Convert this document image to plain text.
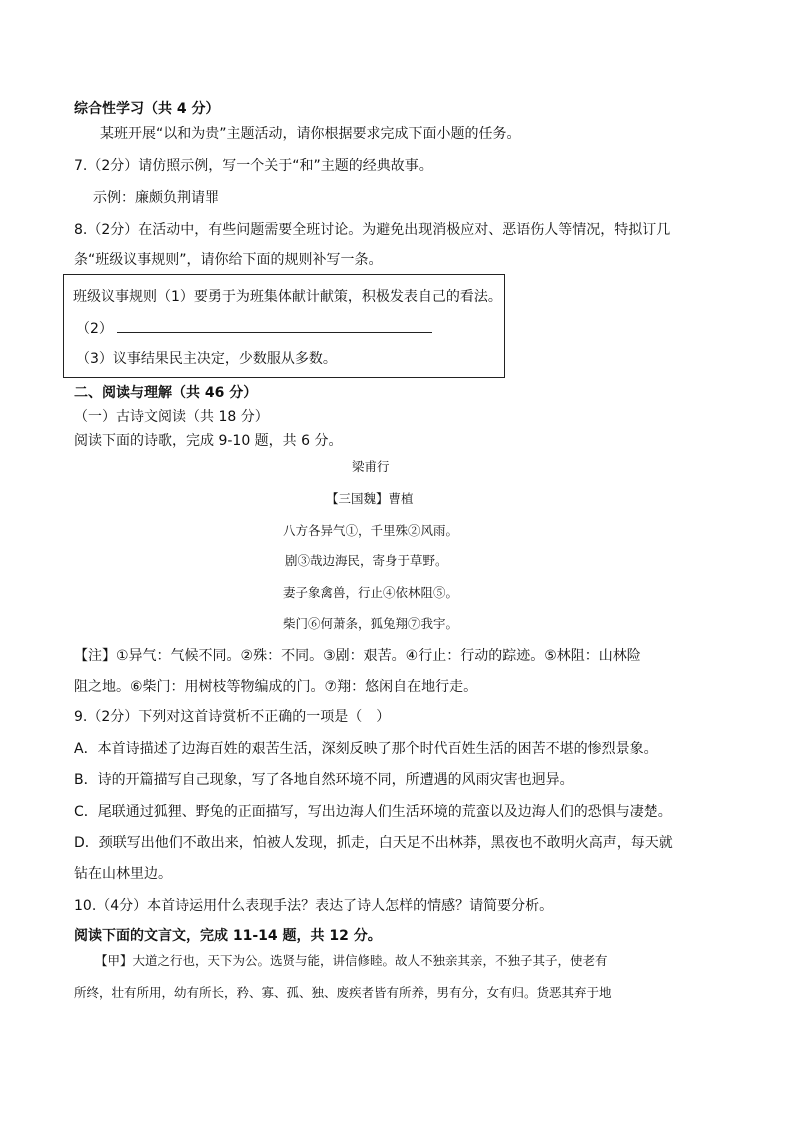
综合性学习（共 4 分）
某班开展“以和为贵”主题活动，请你根据要求完成下面小题的任务。
7.（2分）请仿照示例，写一个关于“和”主题的经典故事。
示例：廉颇负荆请罪
8.（2分）在活动中，有些问题需要全班讨论。为避免出现消极应对、恶语伤人等情况，特拟订几
条“班级议事规则”，请你给下面的规则补写一条。
班级议事规则（1）要勇于为班集体献计献策，积极发表自己的看法。
（2）
（3）议事结果民主决定，少数服从多数。
二、阅读与理解（共 46 分）
（一）古诗文阅读（共 18 分）
阅读下面的诗歌，完成 9-10 题，共 6 分。
梁甫行
【三国魏】曹植
八方各异气①，千里殊②风雨。
剧③哉边海民，寄身于草野。
妻子象禽兽，行止④依林阻⑤。
柴门⑥何萧条，狐兔翔⑦我宇。
【注】①异气：气候不同。②殊：不同。③剧：艰苦。④行止：行动的踪迹。⑤林阻：山林险
阻之地。⑥柴门：用树枝等物编成的门。⑦翔：悠闲自在地行走。
9.（2分）下列对这首诗赏析不正确的一项是（　）
A．本首诗描述了边海百姓的艰苦生活，深刻反映了那个时代百姓生活的困苦不堪的惨烈景象。
B．诗的开篇描写自己现象，写了各地自然环境不同，所遭遇的风雨灾害也迥异。
C．尾联通过狐狸、野兔的正面描写，写出边海人们生活环境的荒蛮以及边海人们的恐惧与凄楚。
D．颈联写出他们不敢出来，怕被人发现，抓走，白天足不出林莽，黑夜也不敢明火高声，每天就
钻在山林里边。
10.（4分）本首诗运用什么表现手法？表达了诗人怎样的情感？请简要分析。
阅读下面的文言文，完成 11-14 题，共 12 分。
【甲】大道之行也，天下为公。选贤与能，讲信修睦。故人不独亲其亲，不独子其子，使老有
所终，壮有所用，幼有所长，矜、寡、孤、独、废疾者皆有所养，男有分，女有归。货恶其弃于地
